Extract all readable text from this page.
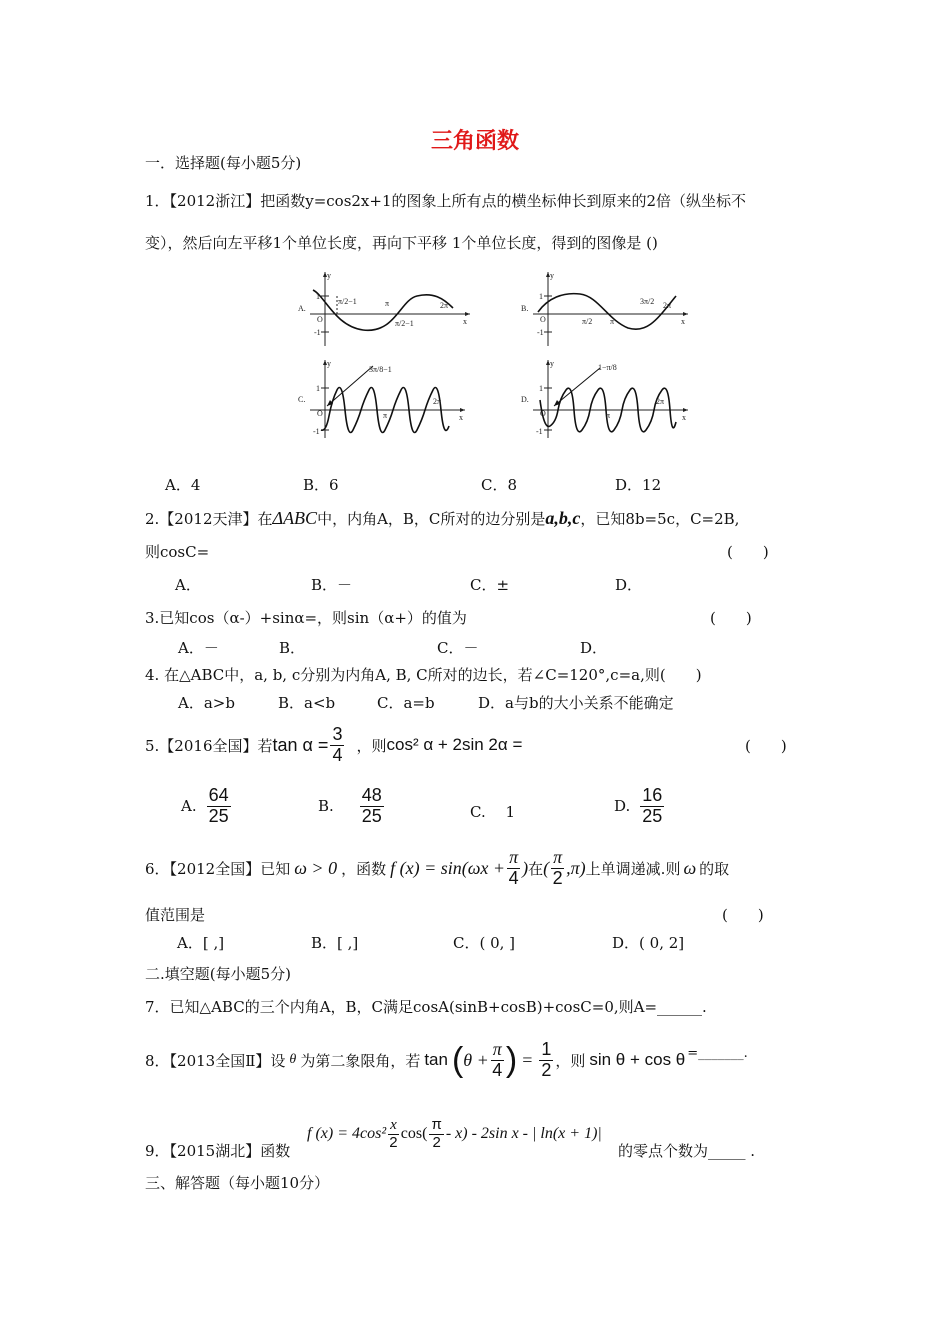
三角函数
一．选择题(每小题5分)
1．【2012浙江】把函数y=cos2x+1的图象上所有点的横坐标伸长到原来的2倍（纵坐标不
变），然后向左平移1个单位长度，再向下平移 1个单位长度，得到的图像是 ()
A.
y
x
O
1
-1
π/2−1	π
π/2−1
2π	B.
y
x
O
1
-1
3π/2
π/2 π
2π
C.
y
x
O
1
-1
3π/8−1
π
2π	D.
y
x
O
1
-1
1−π/8
π
2π
A．4	B．6	C．8	D．12
2.【2012天津】在ΔABC中，内角A，B，C所对的边分别是a,b,c，已知8b=5c，C=2B,
则cosC=	(　　)
A．	B．－	C．±	D．
3.已知cos（α-）+sinα=，则sin（α+）的值为	(　　)
A．－	B．	C．－	D．
4. 在△ABC中，a, b, c分别为内角A, B, C所对的边长，若∠C=120°,c=a,则(　　)
A．a>b	B．a<b	C．a=b	D．a与b的大小关系不能确定
5.【2016全国】若 $\tan \alpha = \frac{3}{4}$ ，则 cos² α + 2sin 2α =	(　　)
A. $\frac{64}{25}$	B. $\frac{48}{25}$	C.　 1	D. $\frac{16}{25}$
6．【2012全国】已知 ω > 0 ，函数 f $(x) = \sin(\omega x + \frac{\pi}{4}$ ) 在 ( $\frac{\pi}{2} ,\pi$) 上单调递减.则 ω 的取
值范围是	(　　)
A．[ ,]	B．[ ,]	C．( 0, ]	D．( 0, 2]
二.填空题(每小题5分)
7．已知△ABC的三个内角A，B，C满足cosA(sinB+cosB)+cosC=0,则A=______.
8．【2013全国Ⅱ】设 θ 为第二象限角，若 tan ( $\theta + \frac{\pi}{4}$ ) = $\frac{1}{2}$ ，则 sin θ + cos θ =_______.
f $(x) = 4\cos^2 \frac{x}{2} \cos( \frac{\pi}{2} - x) - 2\sin$ x - | ln(x + 1)|
9．【2015湖北】函数	的零点个数为_____ .
三、解答题（每小题10分）
